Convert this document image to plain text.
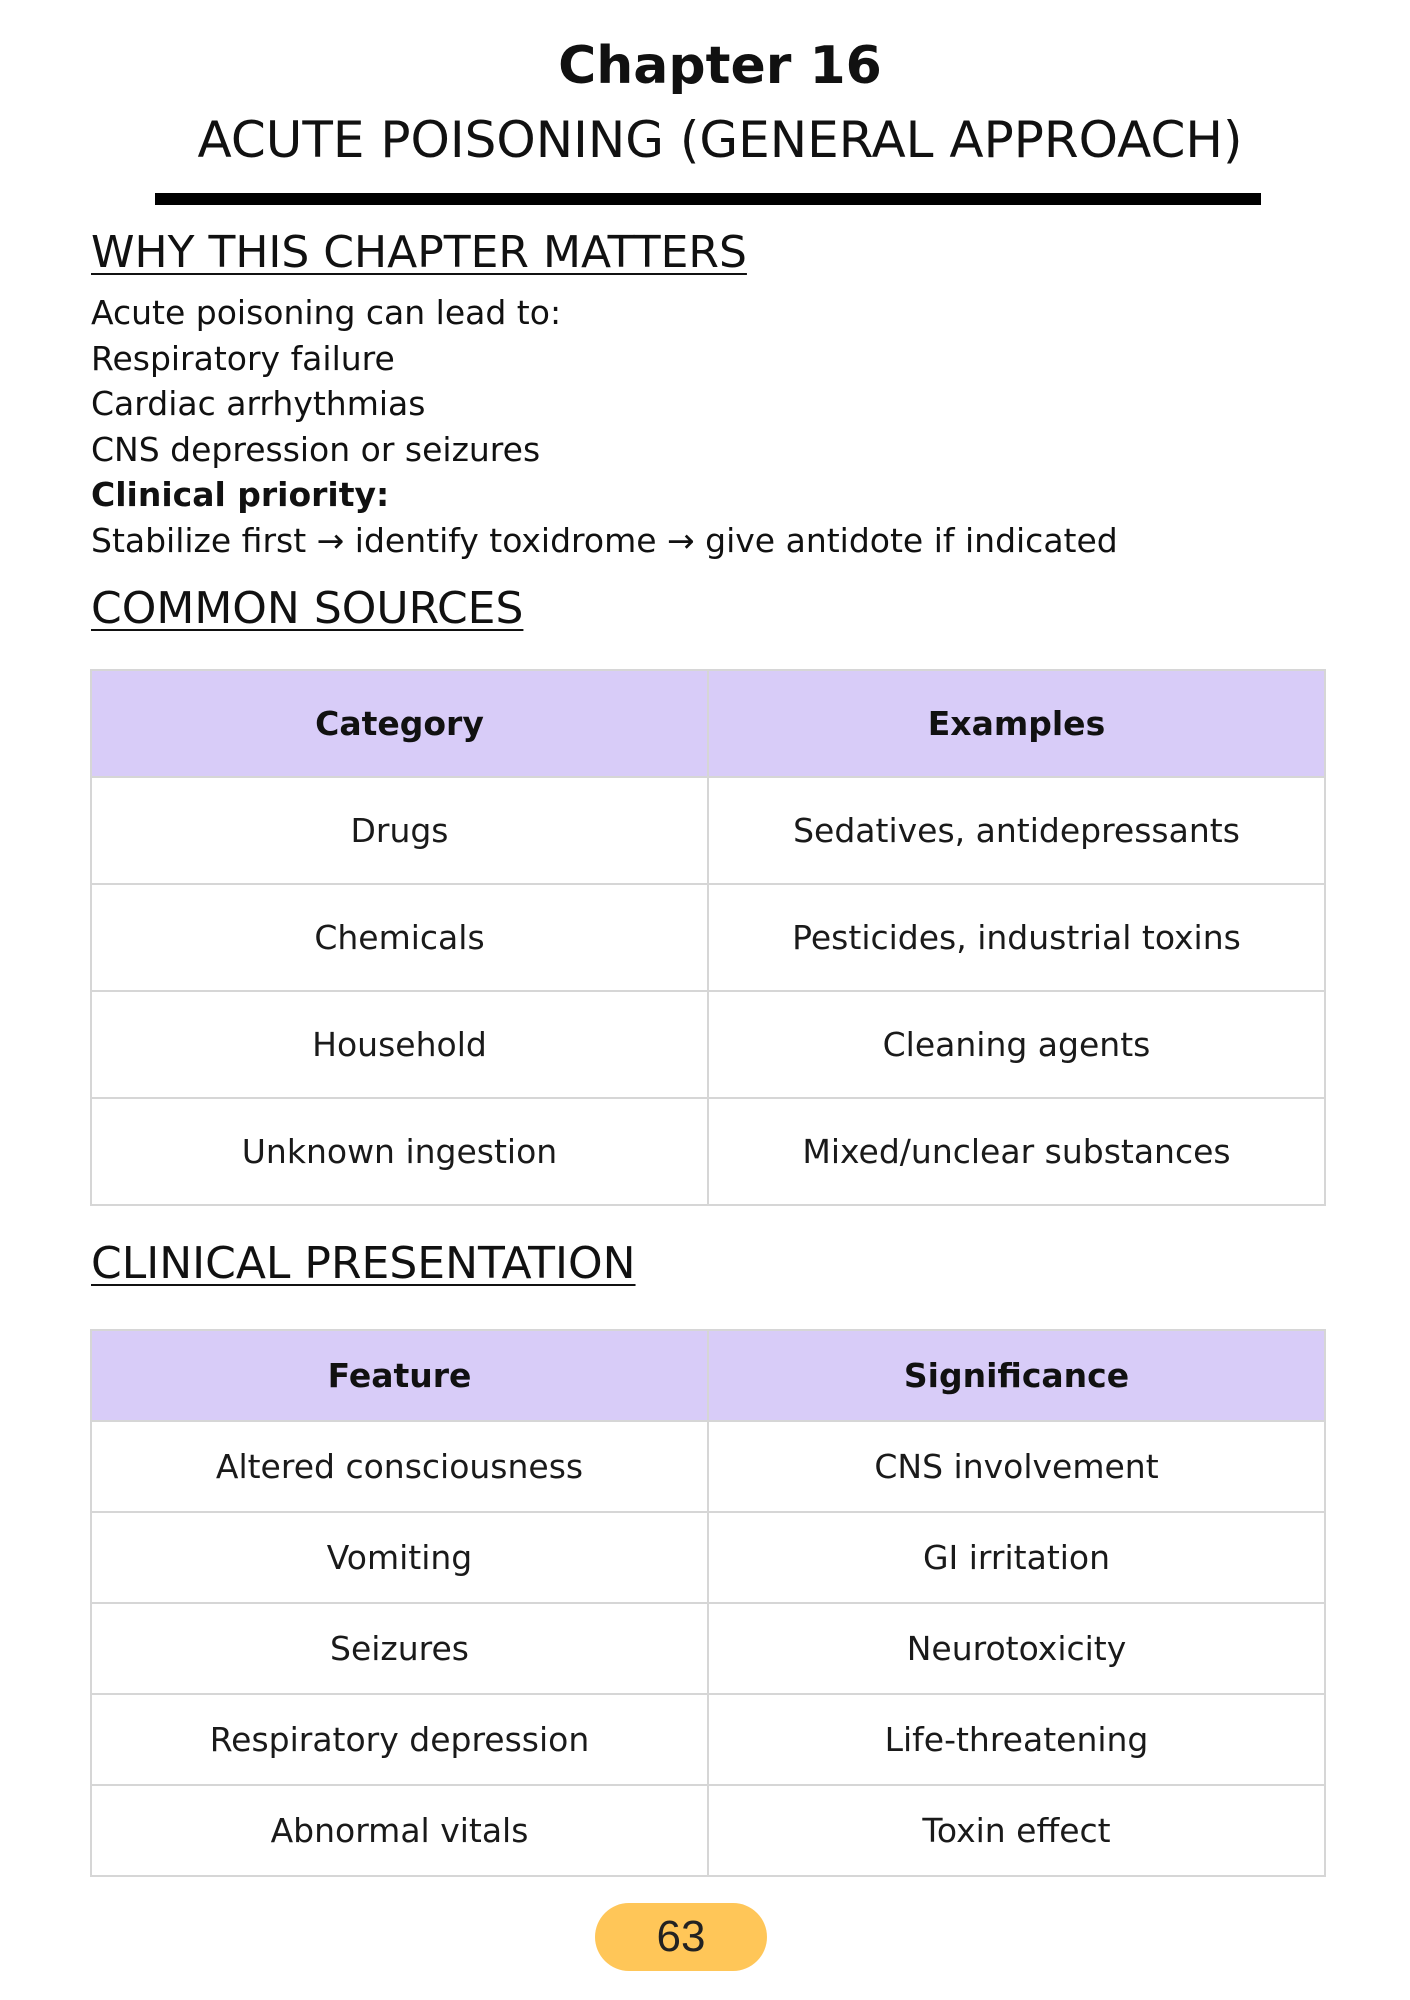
Chapter 16
ACUTE POISONING (GENERAL APPROACH)
WHY THIS CHAPTER MATTERS
Acute poisoning can lead to:
Respiratory failure
Cardiac arrhythmias
CNS depression or seizures
Clinical priority:
Stabilize first → identify toxidrome → give antidote if indicated
COMMON SOURCES
Category	Examples
Drugs	Sedatives, antidepressants
Chemicals	Pesticides, industrial toxins
Household	Cleaning agents
Unknown ingestion	Mixed/unclear substances
CLINICAL PRESENTATION
Feature	Significance
Altered consciousness	CNS involvement
Vomiting	GI irritation
Seizures	Neurotoxicity
Respiratory depression	Life-threatening
Abnormal vitals	Toxin effect
63
